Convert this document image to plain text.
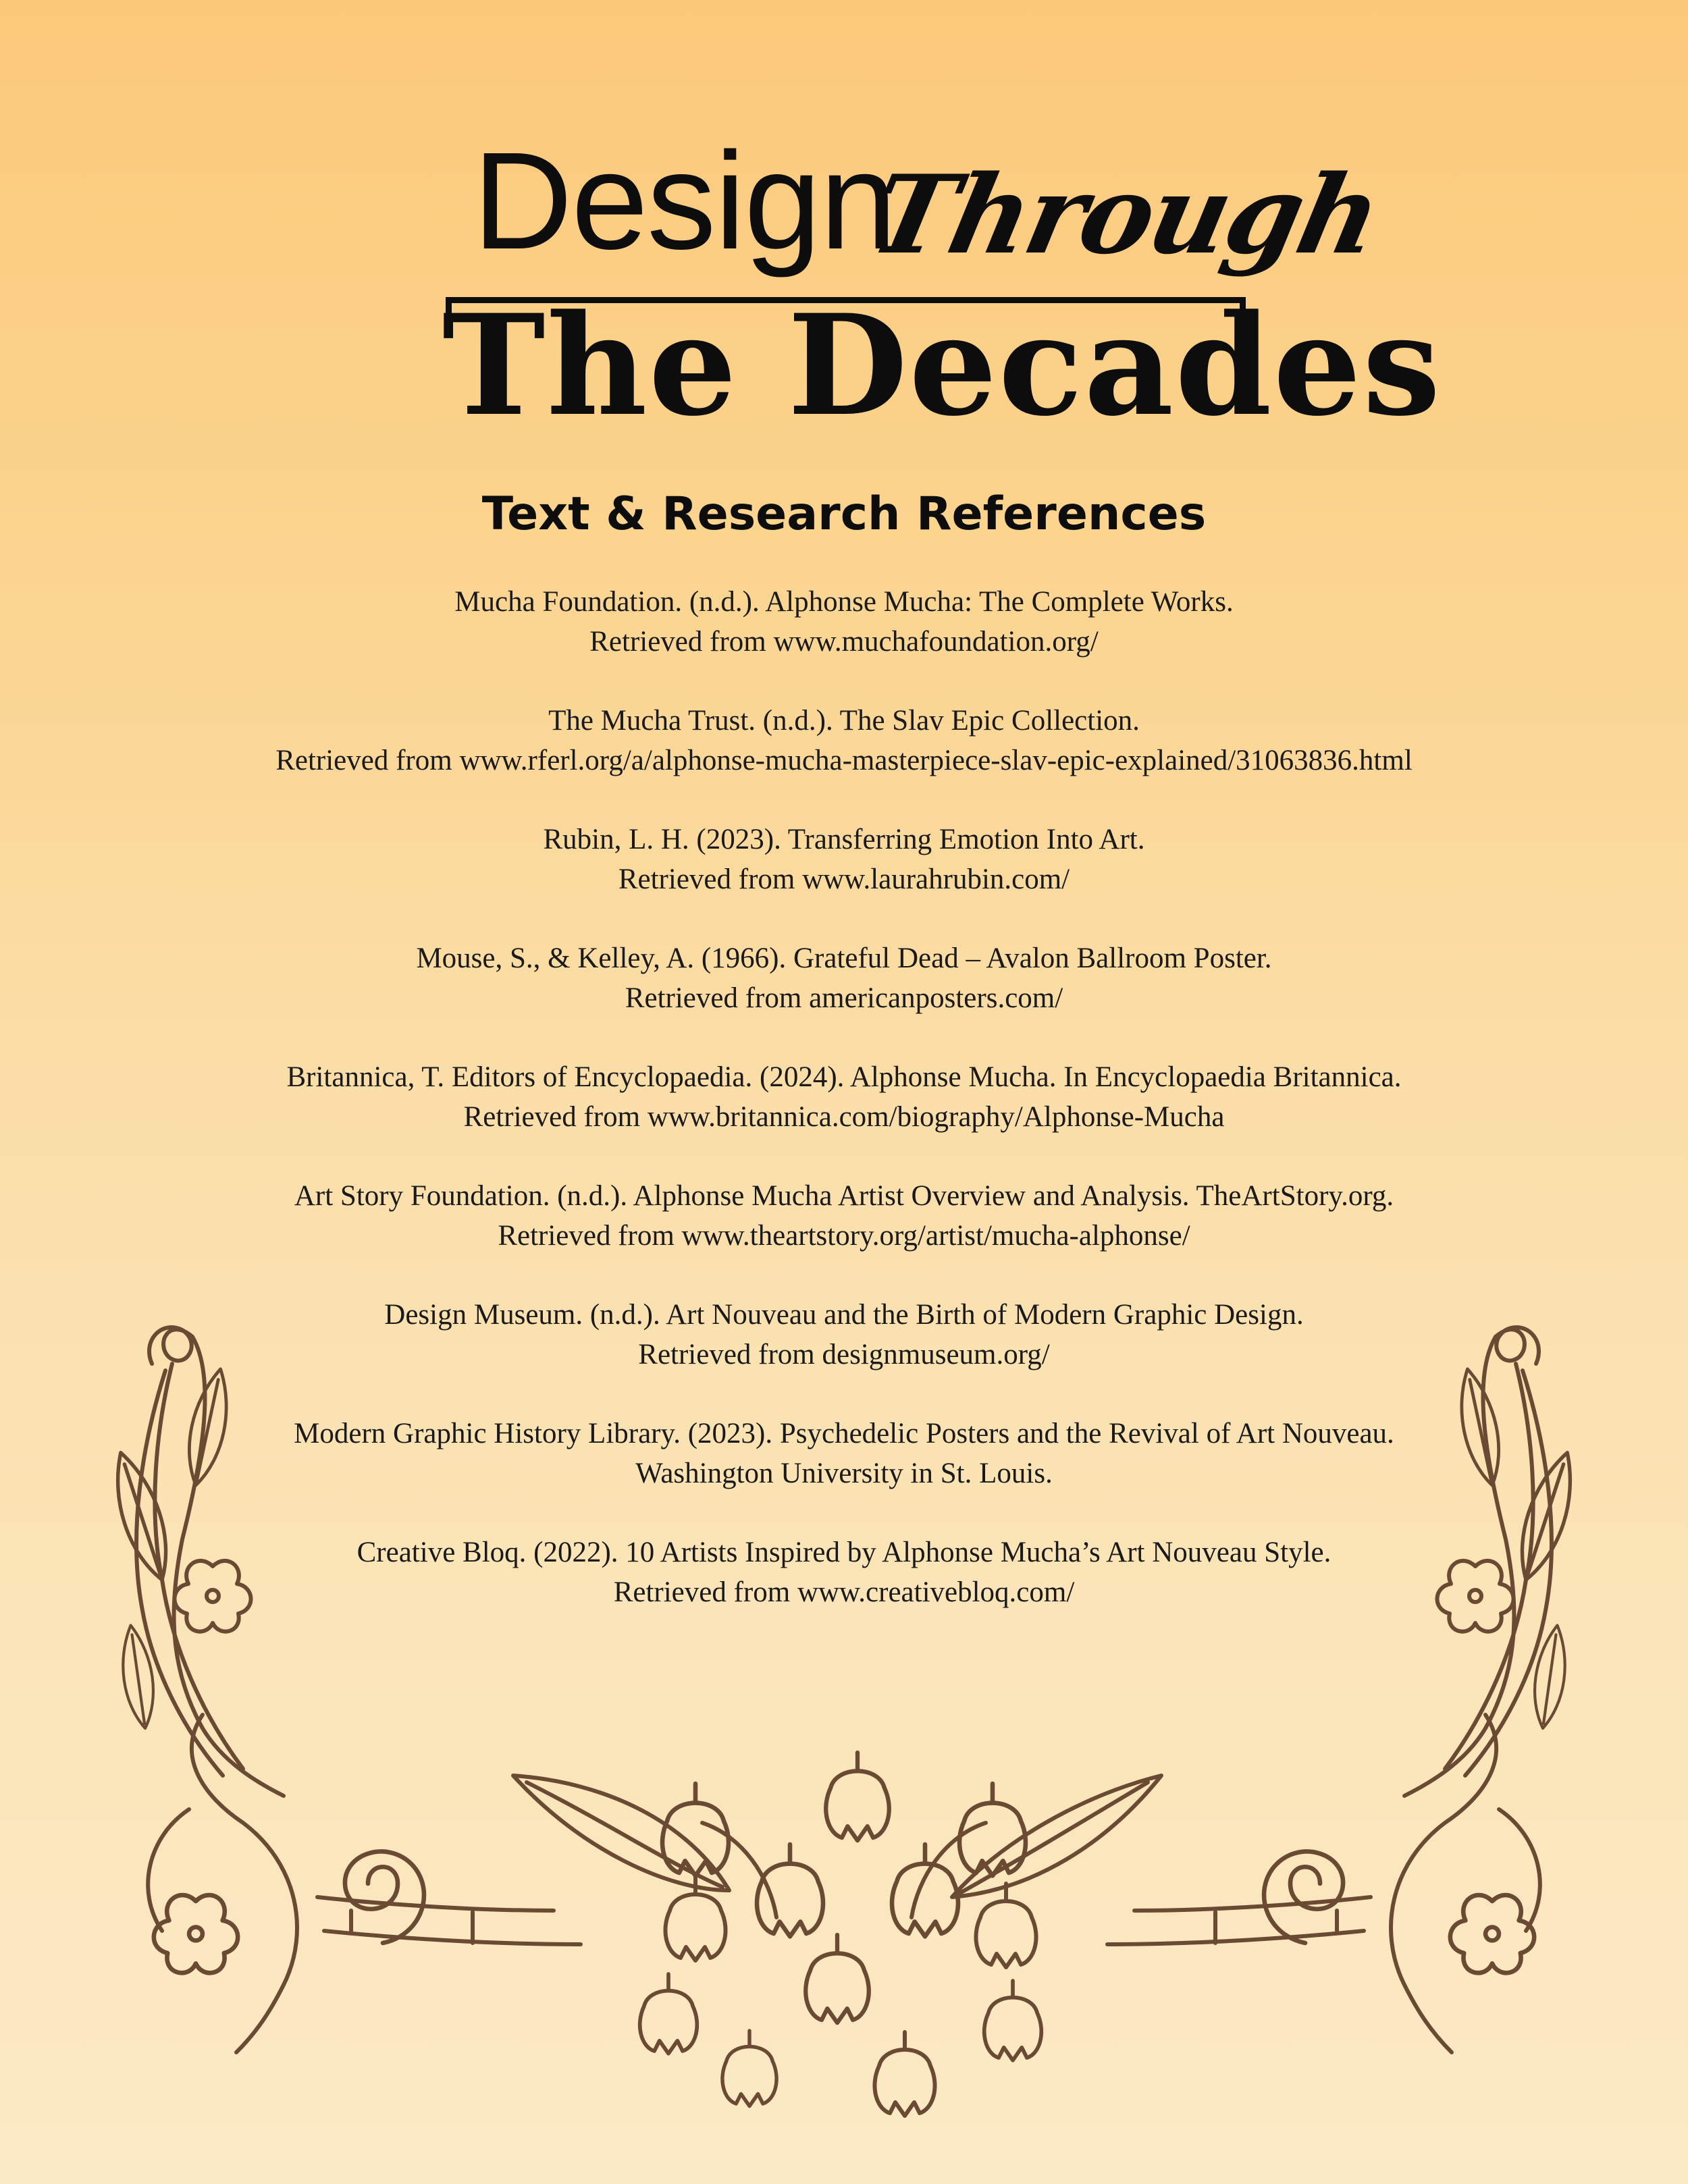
Design
Through
The Decades
Text & Research References
Mucha Foundation. (n.d.). Alphonse Mucha: The Complete Works.
Retrieved from www.muchafoundation.org/
The Mucha Trust. (n.d.). The Slav Epic Collection.
Retrieved from www.rferl.org/a/alphonse-mucha-masterpiece-slav-epic-explained/31063836.html
Rubin, L. H. (2023). Transferring Emotion Into Art.
Retrieved from www.laurahrubin.com/
Mouse, S., & Kelley, A. (1966). Grateful Dead – Avalon Ballroom Poster.
Retrieved from americanposters.com/
Britannica, T. Editors of Encyclopaedia. (2024). Alphonse Mucha. In Encyclopaedia Britannica.
Retrieved from www.britannica.com/biography/Alphonse-Mucha
Art Story Foundation. (n.d.). Alphonse Mucha Artist Overview and Analysis. TheArtStory.org.
Retrieved from www.theartstory.org/artist/mucha-alphonse/
Design Museum. (n.d.). Art Nouveau and the Birth of Modern Graphic Design.
Retrieved from designmuseum.org/
Modern Graphic History Library. (2023). Psychedelic Posters and the Revival of Art Nouveau.
Washington University in St. Louis.
Creative Bloq. (2022). 10 Artists Inspired by Alphonse Mucha’s Art Nouveau Style.
Retrieved from www.creativebloq.com/
